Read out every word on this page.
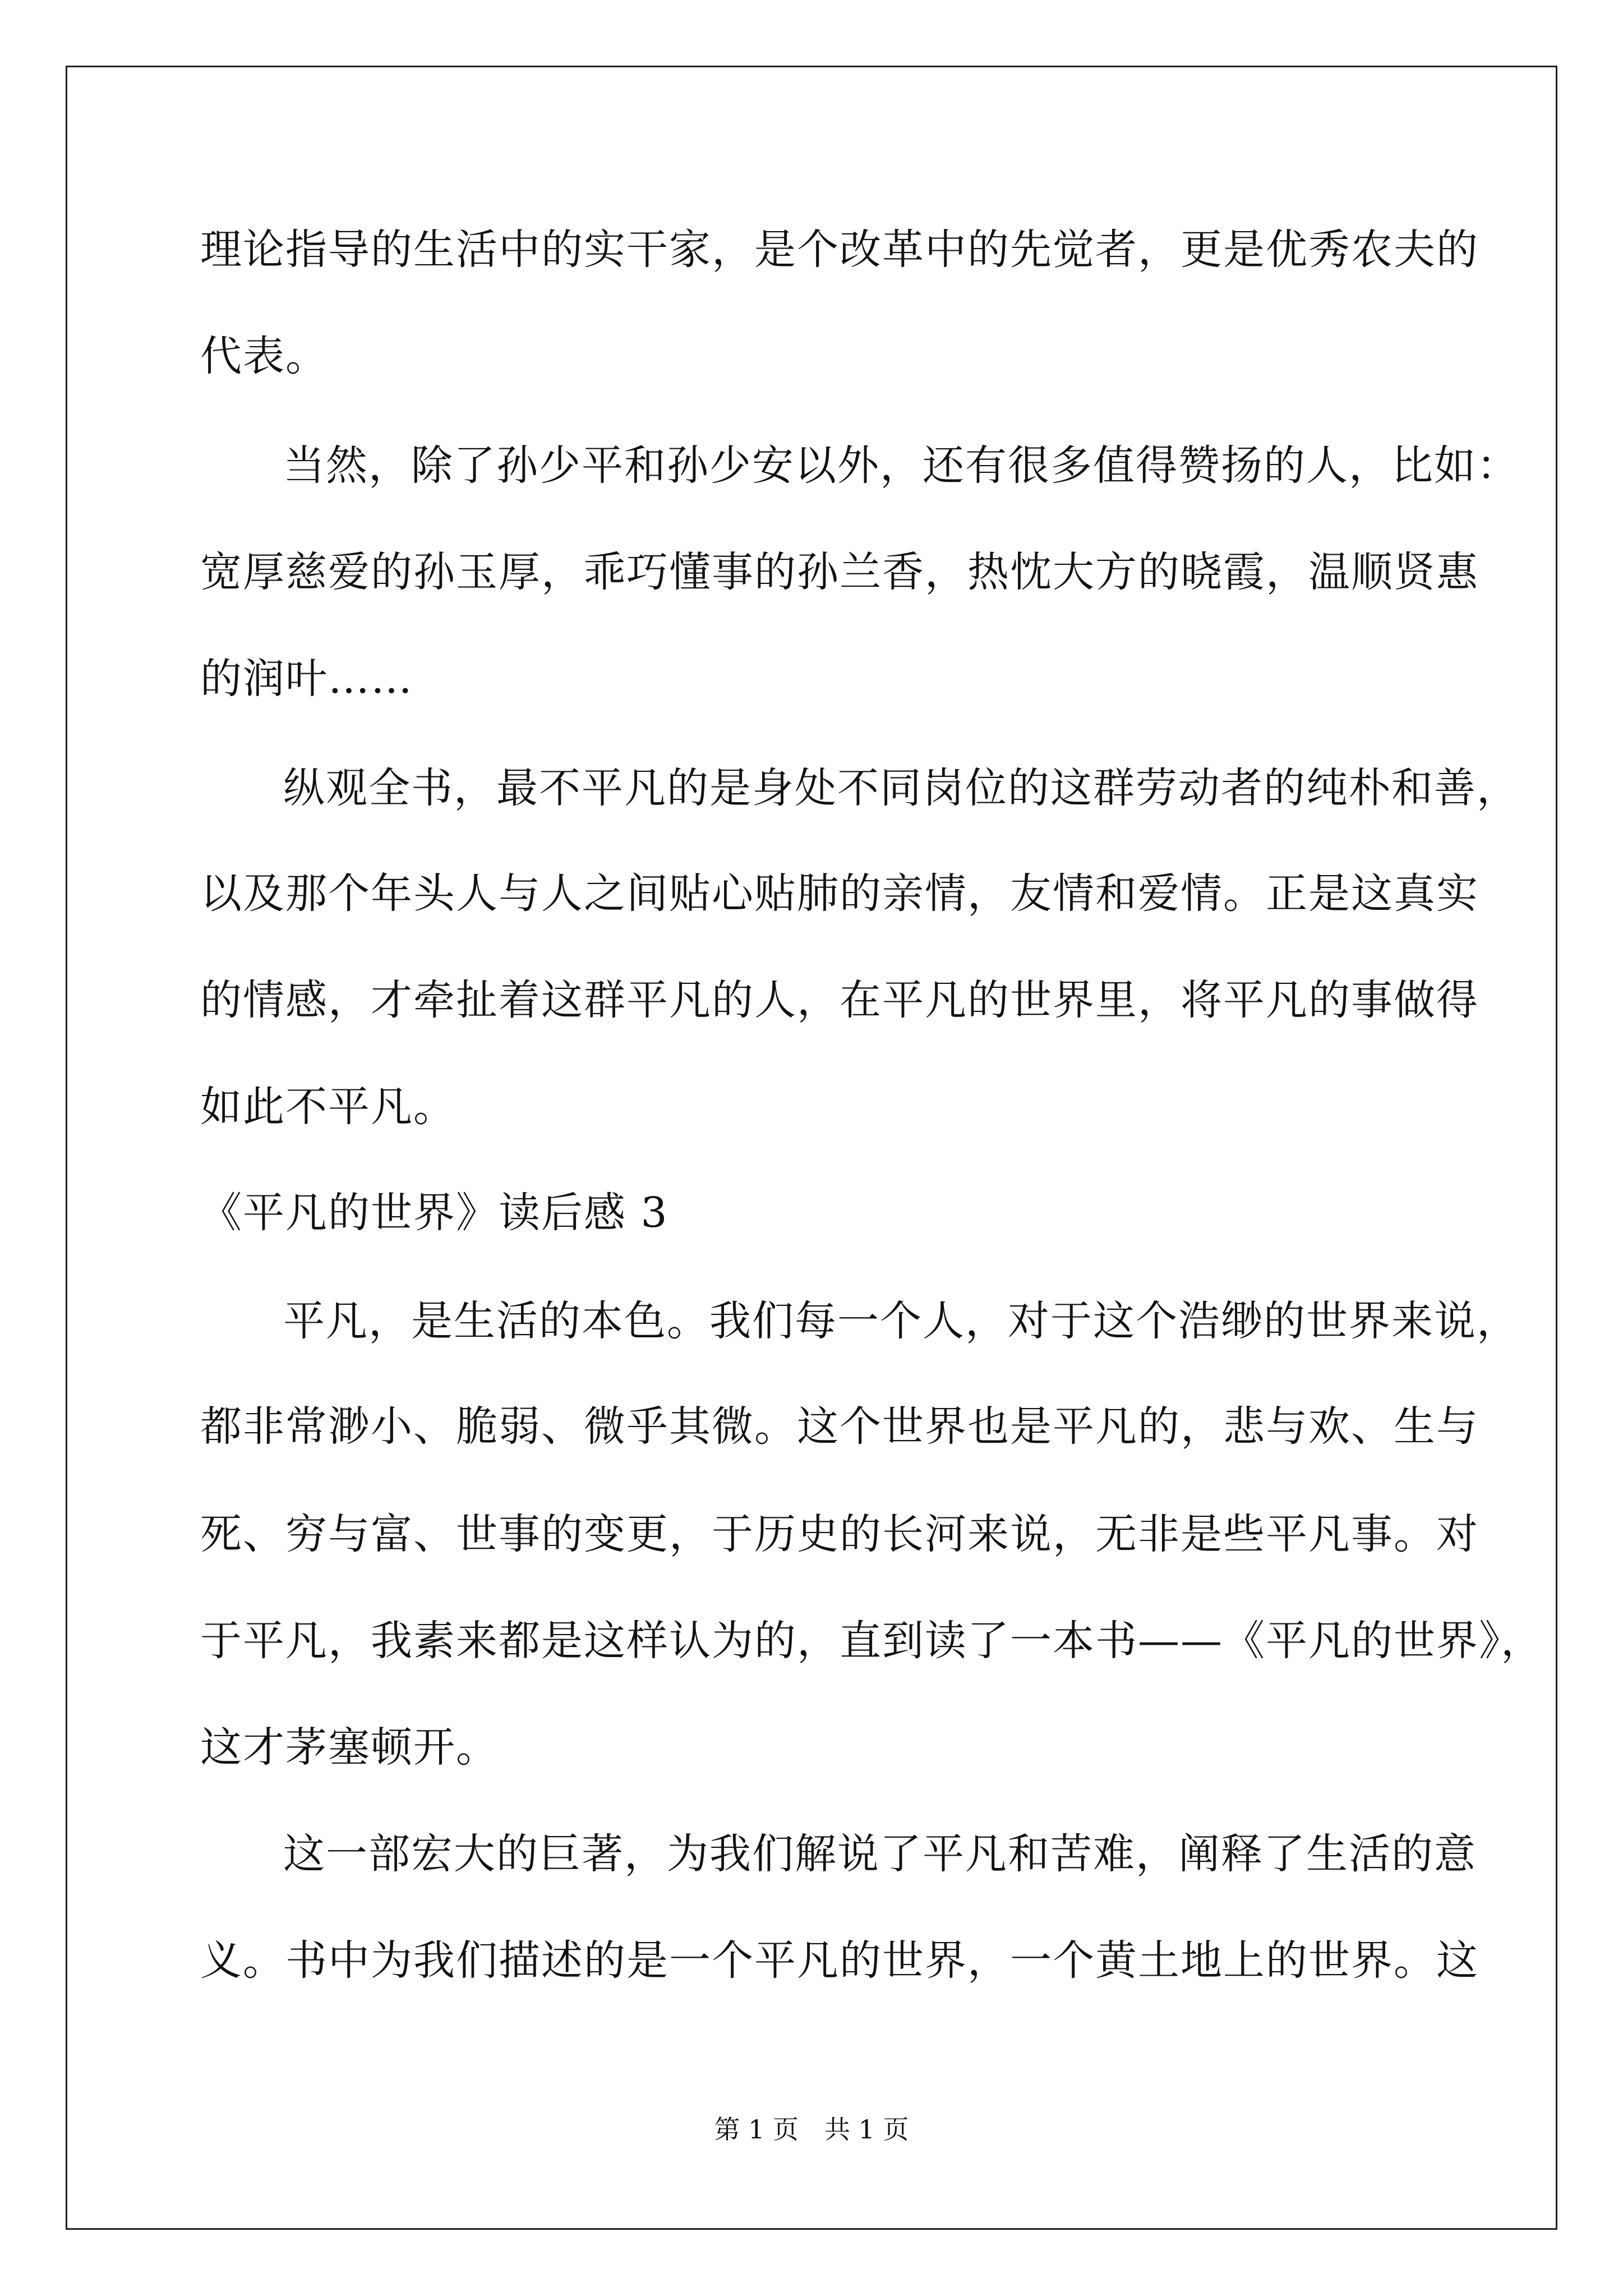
理论指导的生活中的实干家，是个改革中的先觉者，更是优秀农夫的
代表。
当然，除了孙少平和孙少安以外，还有很多值得赞扬的人，比如：
宽厚慈爱的孙玉厚，乖巧懂事的孙兰香，热忱大方的晓霞，温顺贤惠
的润叶……
纵观全书，最不平凡的是身处不同岗位的这群劳动者的纯朴和善，
以及那个年头人与人之间贴心贴肺的亲情，友情和爱情。正是这真实
的情感，才牵扯着这群平凡的人，在平凡的世界里，将平凡的事做得
如此不平凡。
《平凡的世界》读后感 3
平凡，是生活的本色。我们每一个人，对于这个浩缈的世界来说，
都非常渺小、脆弱、微乎其微。这个世界也是平凡的，悲与欢、生与
死、穷与富、世事的变更，于历史的长河来说，无非是些平凡事。对
于平凡，我素来都是这样认为的，直到读了一本书——《平凡的世界》，
这才茅塞顿开。
这一部宏大的巨著，为我们解说了平凡和苦难，阐释了生活的意
义。书中为我们描述的是一个平凡的世界，一个黄土地上的世界。这
第 1 页　共 1 页
